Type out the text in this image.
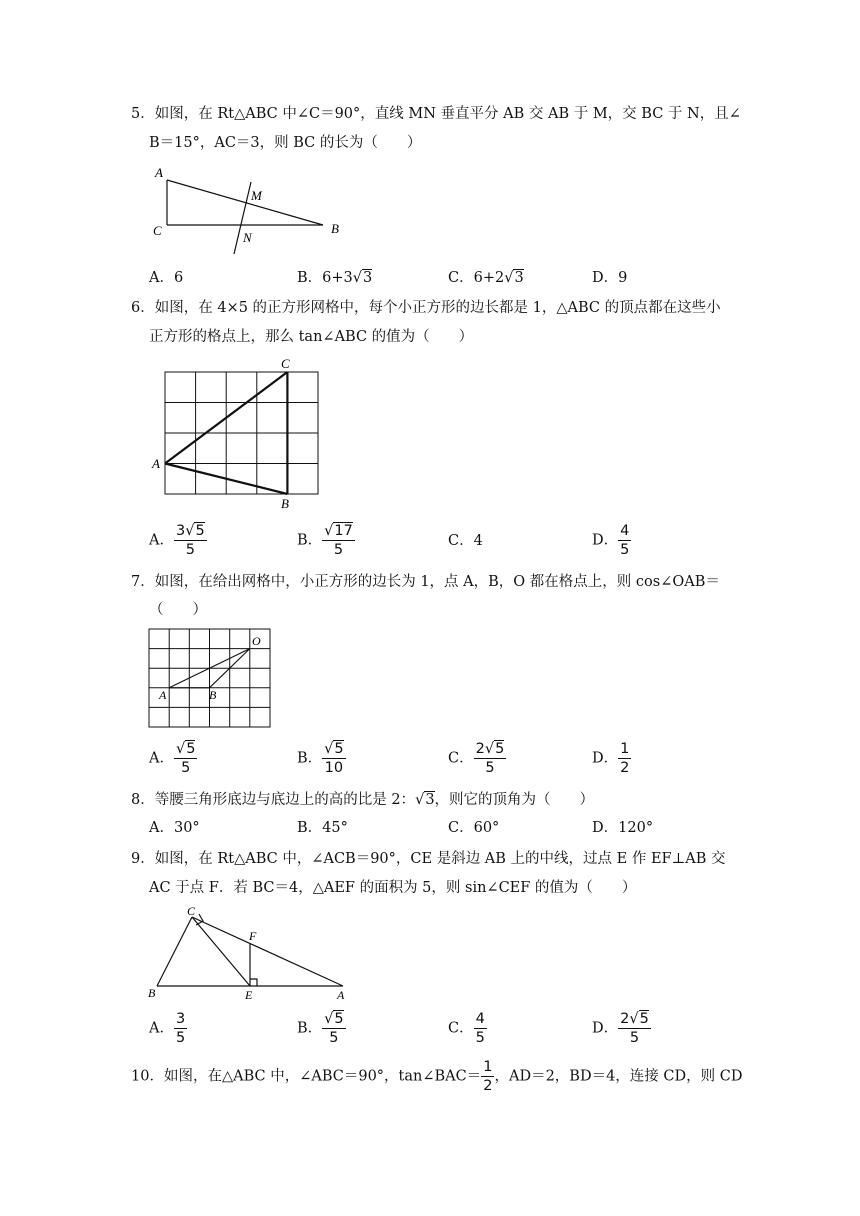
5．如图，在 Rt△ABC 中∠C＝90°，直线 MN 垂直平分 AB 交 AB 于 M，交 BC 于 N，且∠
B＝15°，AC＝3，则 BC 的长为（　　）
A
C
M
N
B
A．6	B．6+3√3	C．6+2√3	D．9
6．如图，在 4×5 的正方形网格中，每个小正方形的边长都是 1，△ABC 的顶点都在这些小
正方形的格点上，那么 tan∠ABC 的值为（　　）
A
B
C
A． $\frac{3√5}{5}$	B． $\frac{√17}{5}$	C．4	D． $\frac{4}{5}$
7．如图，在给出网格中，小正方形的边长为 1，点 A，B，O 都在格点上，则 cos∠OAB＝
（　　）
A	B
O
A． $\frac{√5}{5}$	B． $\frac{√5}{10}$	C． $\frac{2√5}{5}$	D． $\frac{1}{2}$
8．等腰三角形底边与底边上的高的比是 2：√3，则它的顶角为（　　）
A．30°	B．45°	C．60°	D．120°
9．如图，在 Rt△ABC 中，∠ACB＝90°，CE 是斜边 AB 上的中线，过点 E 作 EF⊥AB 交
AC 于点 F．若 BC＝4，△AEF 的面积为 5，则 sin∠CEF 的值为（　　）
C
F
B	E	A
A． $\frac{3}{5}$	B． $\frac{√5}{5}$	C． $\frac{4}{5}$	D． $\frac{2√5}{5}$
10．如图，在△ABC 中，∠ABC＝90°，tan∠BAC＝ $\frac{1}{2}$ ，AD＝2，BD＝4，连接 CD，则 CD
